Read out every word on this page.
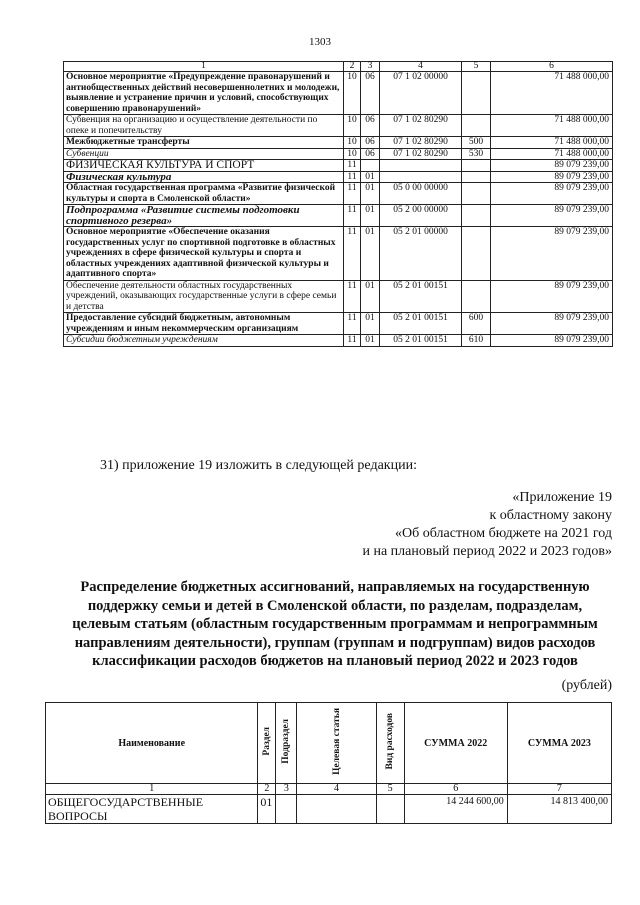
1303
1	2	3	4	5	6
Основное мероприятие «Предупреждение правонарушений и антиобщественных действий несовершеннолетних и молодежи, выявление и устранение причин и условий, способствующих совершению правонарушений»	10	06	07 1 02 00000		71 488 000,00
Субвенция на организацию и осуществление деятельности по опеке и попечительству	10	06	07 1 02 80290		71 488 000,00
Межбюджетные трансферты	10	06	07 1 02 80290	500	71 488 000,00
Субвенции	10	06	07 1 02 80290	530	71 488 000,00
ФИЗИЧЕСКАЯ КУЛЬТУРА И СПОРТ	11				89 079 239,00
Физическая культура	11	01			89 079 239,00
Областная государственная программа «Развитие физической культуры и спорта в Смоленской области»	11	01	05 0 00 00000		89 079 239,00
Подпрограмма «Развитие системы подготовки спортивного резерва»	11	01	05 2 00 00000		89 079 239,00
Основное мероприятие «Обеспечение оказания государственных услуг по спортивной подготовке в областных учреждениях в сфере физической культуры и спорта и областных учреждениях адаптивной физической культуры и адаптивного спорта»	11	01	05 2 01 00000		89 079 239,00
Обеспечение деятельности областных государственных учреждений, оказывающих государственные услуги в сфере семьи и детства	11	01	05 2 01 00151		89 079 239,00
Предоставление субсидий бюджетным, автономным учреждениям и иным некоммерческим организациям	11	01	05 2 01 00151	600	89 079 239,00
Субсидии бюджетным учреждениям	11	01	05 2 01 00151	610	89 079 239,00
31) приложение 19 изложить в следующей редакции:
«Приложение 19
к областному закону
«Об областном бюджете на 2021 год
и на плановый период 2022 и 2023 годов»
Распределение бюджетных ассигнований, направляемых на государственную поддержку семьи и детей в Смоленской области, по разделам, подразделам, целевым статьям (областным государственным программам и непрограммным направлениям деятельности), группам (группам и подгруппам) видов расходов классификации расходов бюджетов на плановый период 2022 и 2023 годов
(рублей)
Наименование	Раздел	Подраздел	Целевая статья	Вид расходов	СУММА 2022	СУММА 2023
1	2	3	4	5	6	7
ОБЩЕГОСУДАРСТВЕННЫЕ ВОПРОСЫ	01				14 244 600,00	14 813 400,00
